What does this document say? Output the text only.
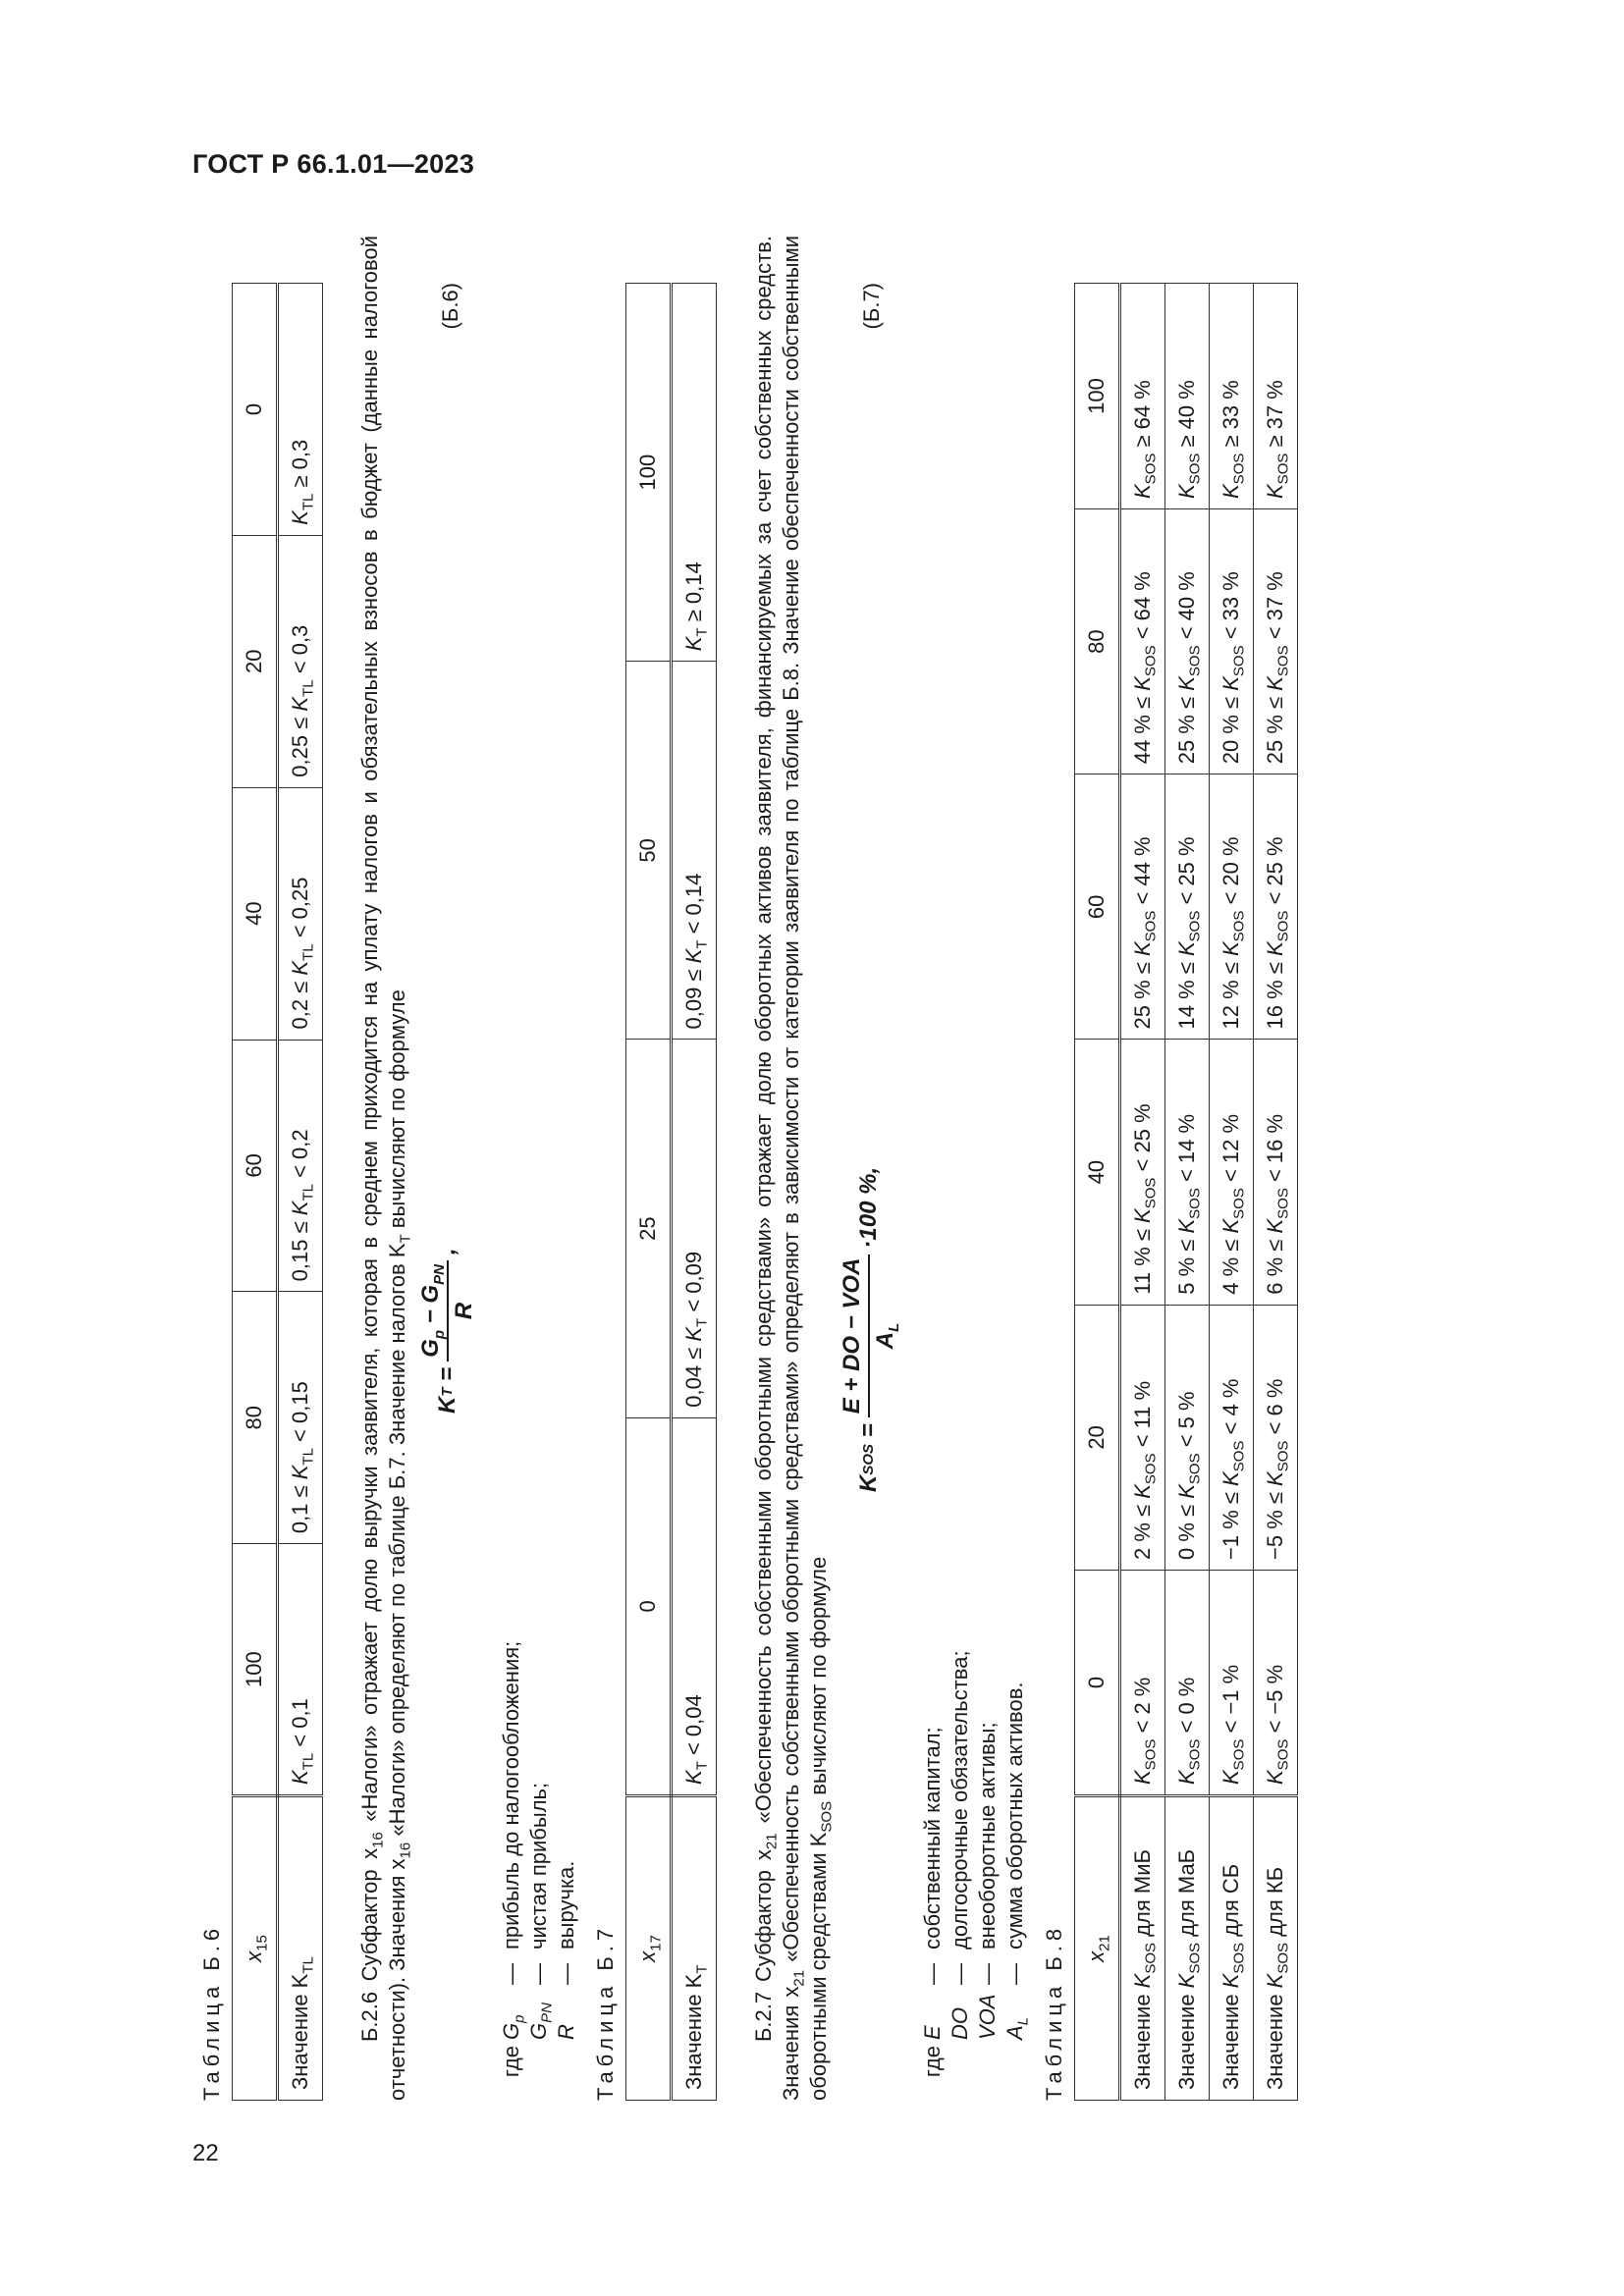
ГОСТ Р 66.1.01—2023
22
Таблица Б.6 $x_{15}$	100	80	60	40	20	0
Значение $K_{TL}$	$K_{TL} < 0,1$	$0,1 \le K_{TL} < 0,15$	$0,15 \le K_{TL} < 0,2$	$0,2 \le K_{TL} < 0,25$	$0,25 \le K_{TL} < 0,3$	$K_{TL} \ge 0,3$

Б.2.6 Субфактор $x_{16}$ «Налоги» отражает долю выручки заявителя, которая в среднем приходится на уплату налогов и обязательных взносов в бюджет (данные налоговой отчетности). Значения $x_{16}$ «Налоги» определяют по таблице Б.7. Значение налогов $K_T$ вычисляют по формуле

K
T
=
$G_p - G_{PN}$
R
,
(Б.6)
где
$G_p$
—
прибыль до налогообложения;
$G_{PN}$
—
чистая прибыль;
R
—
выручка.
Таблица Б.7 $x_{17}$	0	25	50	100
Значение $K_T$	$K_T < 0,04$	$0,04 \le K_T < 0,09$	$0,09 \le K_T < 0,14$	$K_T \ge 0,14$

Б.2.7 Субфактор $x_{21}$ «Обеспеченность собственными оборотными средствами» отражает долю оборотных активов заявителя, финансируемых за счет собственных средств. Значения $x_{21}$ «Обеспеченность собственными оборотными средствами» определяют в зависимости от категории заявителя по таблице Б.8. Значение обеспеченности собственными оборотными средствами $K_{SOS}$ вычисляют по формуле

K
SOS
=
E + DO − VOA $A_L$
·100 %,
(Б.7)
где
E
—
собственный капитал;
DO
—
долгосрочные обязательства;
VOA
—
внеоборотные активы;
$A_L$
—
сумма оборотных активов.
Таблица Б.8 $x_{21}$	0	20	40	60	80	100
Значение $K_{SOS}$ для МиБ	$K_{SOS} < 2$ %	2 % ≤ $K_{SOS} < 11$ %	11 % ≤ $K_{SOS} < 25$ %	25 % ≤ $K_{SOS} < 44$ %	44 % ≤ $K_{SOS} < 64$ %	$K_{SOS} \ge 64$ %
Значение $K_{SOS}$ для МаБ	$K_{SOS} < 0$ %	0 % ≤ $K_{SOS} < 5$ %	5 % ≤ $K_{SOS} < 14$ %	14 % ≤ $K_{SOS} < 25$ %	25 % ≤ $K_{SOS} < 40$ %	$K_{SOS} \ge 40$ %
Значение $K_{SOS}$ для СБ	$K_{SOS} < -1$ %	−1 % ≤ $K_{SOS} < 4$ %	4 % ≤ $K_{SOS} < 12$ %	12 % ≤ $K_{SOS} < 20$ %	20 % ≤ $K_{SOS} < 33$ %	$K_{SOS} \ge 33$ %
Значение $K_{SOS}$ для КБ	$K_{SOS} < -5$ %	−5 % ≤ $K_{SOS} < 6$ %	6 % ≤ $K_{SOS} < 16$ %	16 % ≤ $K_{SOS} < 25$ %	25 % ≤ $K_{SOS} < 37$ %	$K_{SOS} \ge 37$ %
